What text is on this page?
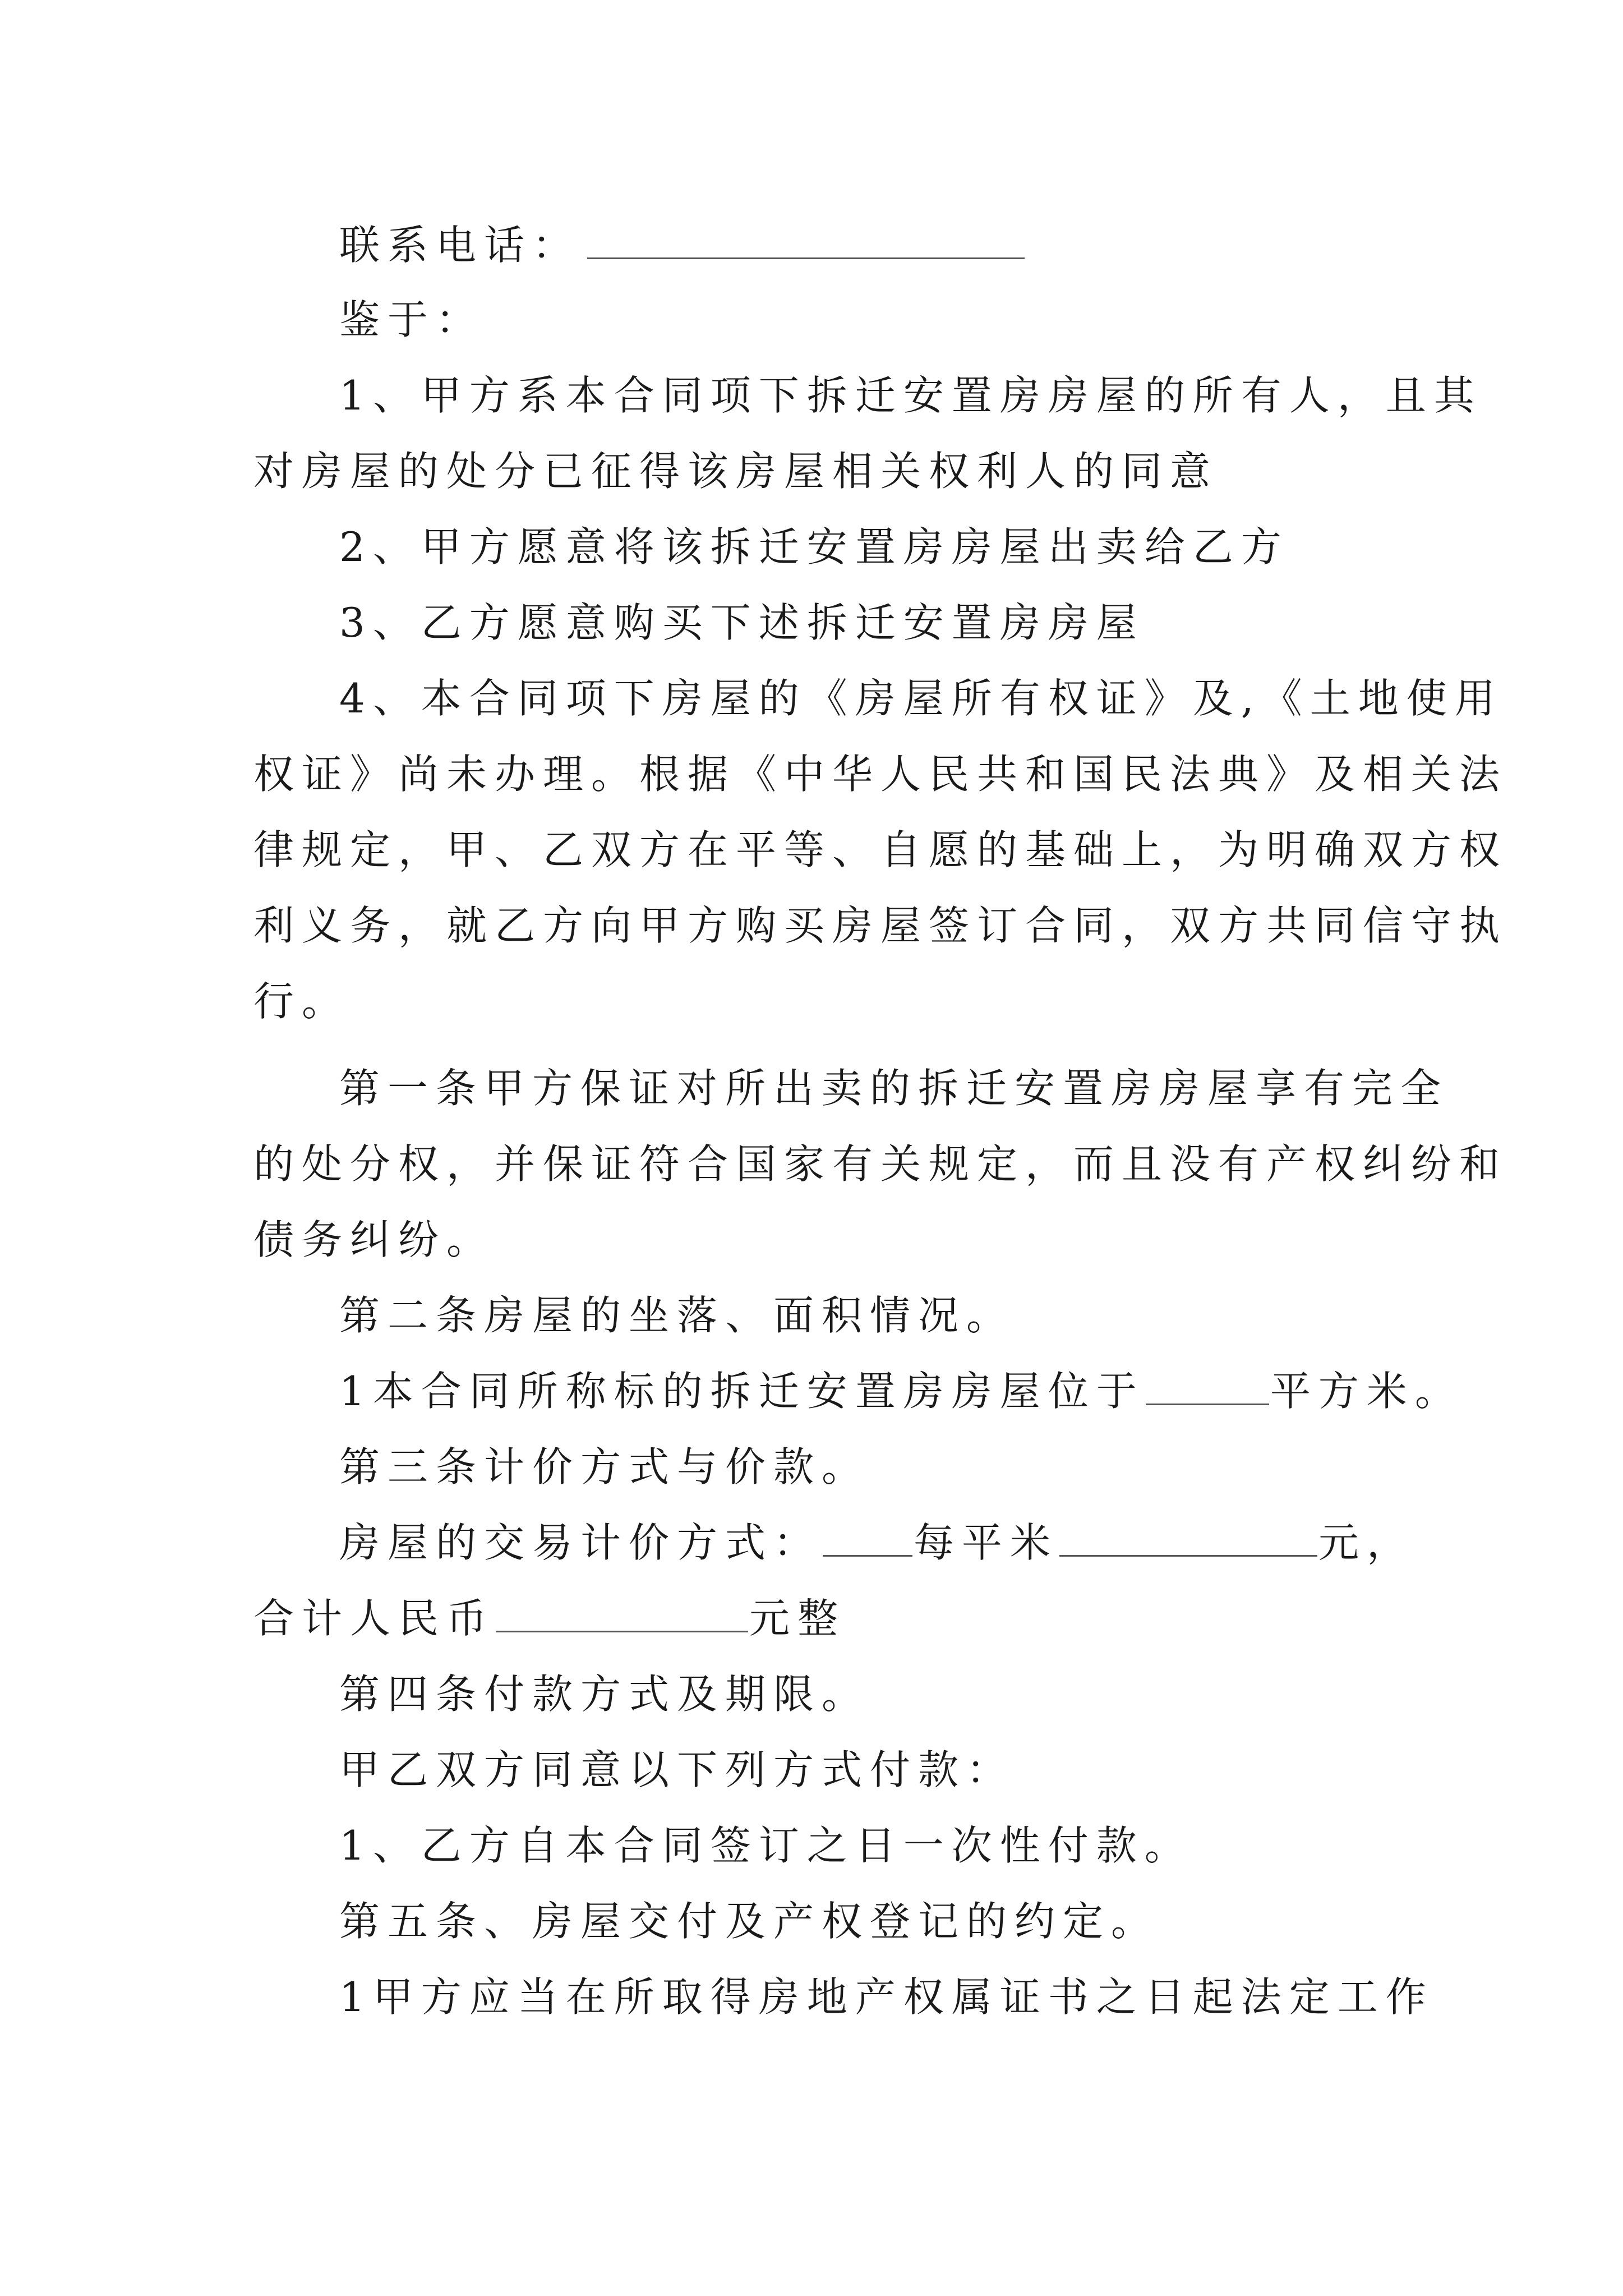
联系电话：
鉴于：
1、甲方系本合同项下拆迁安置房房屋的所有人，且其
对房屋的处分已征得该房屋相关权利人的同意
2、甲方愿意将该拆迁安置房房屋出卖给乙方
3、乙方愿意购买下述拆迁安置房房屋
4、本合同项下房屋的《房屋所有权证》及,《土地使用
权证》尚未办理。根据《中华人民共和国民法典》及相关法
律规定，甲、乙双方在平等、自愿的基础上，为明确双方权
利义务，就乙方向甲方购买房屋签订合同，双方共同信守执
行。
第一条甲方保证对所出卖的拆迁安置房房屋享有完全
的处分权，并保证符合国家有关规定，而且没有产权纠纷和
债务纠纷。
第二条房屋的坐落、面积情况。
1本合同所称标的拆迁安置房房屋位于	平方米。
第三条计价方式与价款。
房屋的交易计价方式： 每平米	元，
合计人民币	元整
第四条付款方式及期限。
甲乙双方同意以下列方式付款：
1、乙方自本合同签订之日一次性付款。
第五条、房屋交付及产权登记的约定。
1甲方应当在所取得房地产权属证书之日起法定工作
